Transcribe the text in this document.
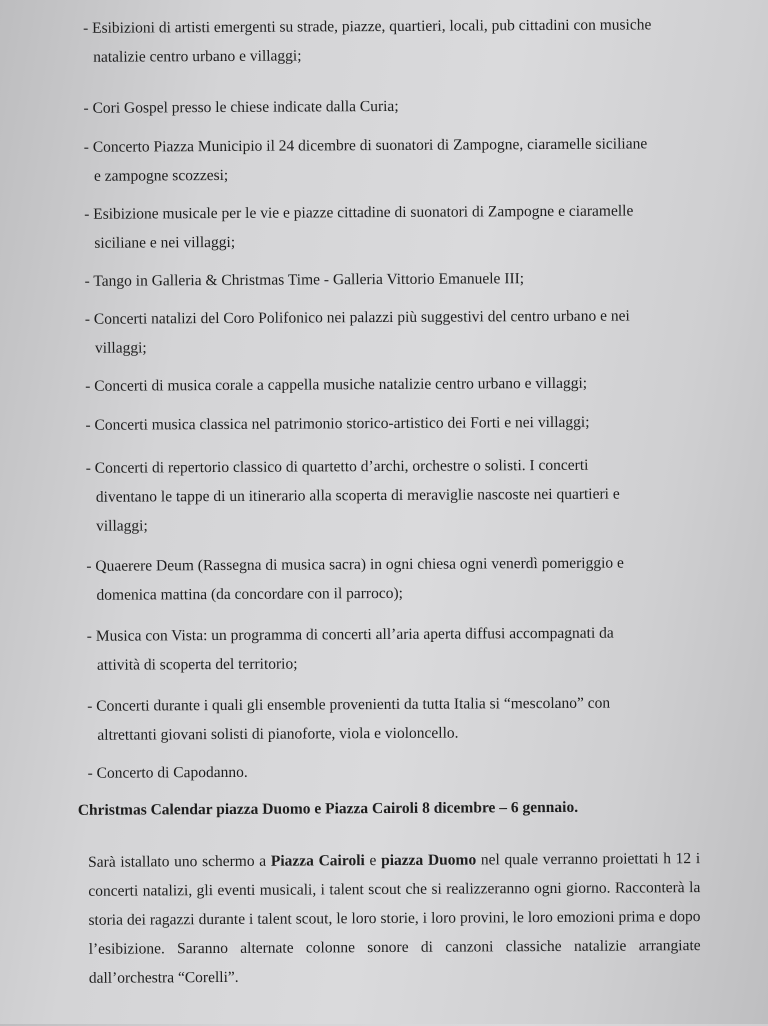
- Esibizioni di artisti emergenti su strade, piazze, quartieri, locali, pub cittadini con musiche
natalizie centro urbano e villaggi;

- Cori Gospel presso le chiese indicate dalla Curia;

- Concerto Piazza Municipio il 24 dicembre di suonatori di Zampogne, ciaramelle siciliane
e zampogne scozzesi;

- Esibizione musicale per le vie e piazze cittadine di suonatori di Zampogne e ciaramelle
siciliane e nei villaggi;

- Tango in Galleria & Christmas Time - Galleria Vittorio Emanuele III;

- Concerti natalizi del Coro Polifonico nei palazzi più suggestivi del centro urbano e nei
villaggi;

- Concerti di musica corale a cappella musiche natalizie centro urbano e villaggi;

- Concerti musica classica nel patrimonio storico-artistico dei Forti e nei villaggi;

- Concerti di repertorio classico di quartetto d’archi, orchestre o solisti. I concerti
diventano le tappe di un itinerario alla scoperta di meraviglie nascoste nei quartieri e
villaggi;

- Quaerere Deum (Rassegna di musica sacra) in ogni chiesa ogni venerdì pomeriggio e
domenica mattina (da concordare con il parroco);

- Musica con Vista: un programma di concerti all’aria aperta diffusi accompagnati da
attività di scoperta del territorio;

- Concerti durante i quali gli ensemble provenienti da tutta Italia si “mescolano” con
altrettanti giovani solisti di pianoforte, viola e violoncello.

- Concerto di Capodanno.

Christmas Calendar piazza Duomo e Piazza Cairoli 8 dicembre – 6 gennaio.

Sarà istallato uno schermo a Piazza Cairoli e piazza Duomo nel quale verranno proiettati h 12 i concerti natalizi, gli eventi musicali, i talent scout che si realizzeranno ogni giorno. Racconterà la storia dei ragazzi durante i talent scout, le loro storie, i loro provini, le loro emozioni prima e dopo l’esibizione. Saranno alternate colonne sonore di canzoni classiche natalizie arrangiate dall’orchestra “Corelli”.
